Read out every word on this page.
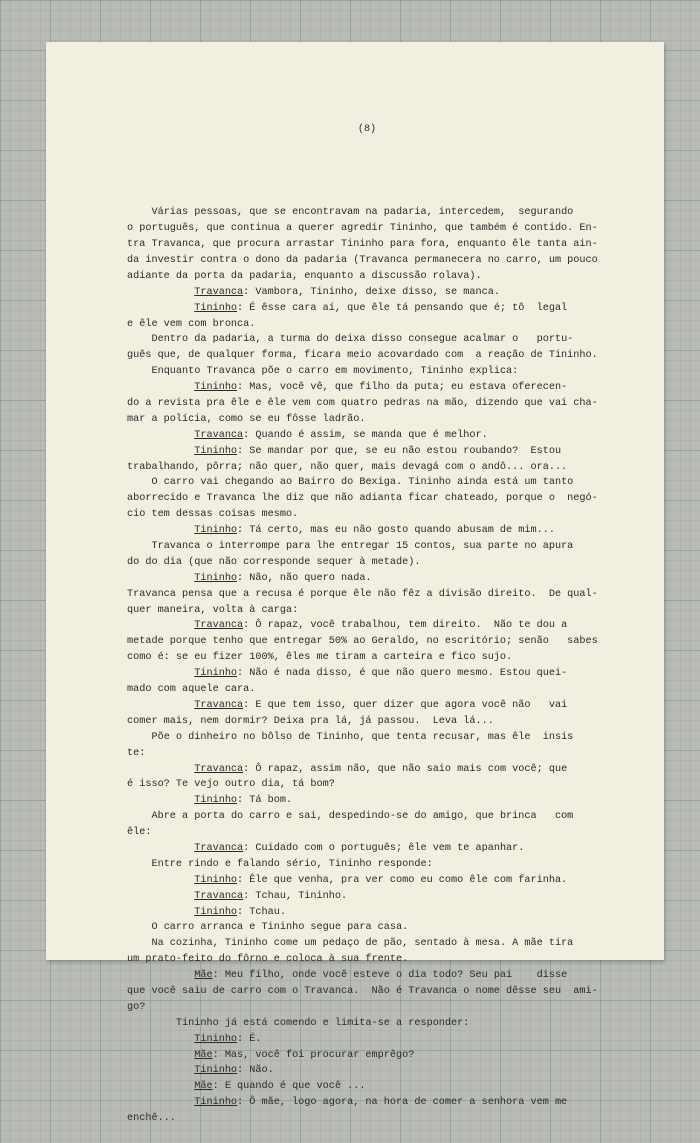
(8)

Várias pessoas, que se encontravam na padaria, intercedem,  segurando
o português, que continua a querer agredir Tininho, que também é contido. En-
tra Travanca, que procura arrastar Tininho para fora, enquanto êle tanta ain-
da investir contra o dono da padaria (Travanca permanecera no carro, um pouco
adiante da porta da padaria, enquanto a discussão rolava).
Travanca: Vambora, Tininho, deixe disso, se manca.
Tininho: É êsse cara aí, que êle tá pensando que é; tô  legal
e êle vem com bronca.
Dentro da padaria, a turma do deixa disso consegue acalmar o   portu-
guês que, de qualquer forma, ficara meio acovardado com  a reação de Tininho.
Enquanto Travanca põe o carro em movimento, Tininho explica:
Tininho: Mas, você vê, que filho da puta; eu estava oferecen-
do a revista pra êle e êle vem com quatro pedras na mão, dizendo que vai cha-
mar a polícia, como se eu fôsse ladrão.
Travanca: Quando é assim, se manda que é melhor.
Tininho: Se mandar por que, se eu não estou roubando?  Estou
trabalhando, pôrra; não quer, não quer, mais devagá com o andô... ora...
O carro vai chegando ao Bairro do Bexiga. Tininho ainda está um tanto
aborrecido e Travanca lhe diz que não adianta ficar chateado, porque o  negó-
cio tem dessas coisas mesmo.
Tininho: Tá certo, mas eu não gosto quando abusam de mim...
Travanca o interrompe para lhe entregar 15 contos, sua parte no apura
do do dia (que não corresponde sequer à metade).
Tininho: Não, não quero nada.
Travanca pensa que a recusa é porque êle não fêz a divisão direito.  De qual-
quer maneira, volta à carga:
Travanca: Ô rapaz, você trabalhou, tem direito.  Não te dou a
metade porque tenho que entregar 50% ao Geraldo, no escritório; senão   sabes
como é: se eu fizer 100%, êles me tiram a carteira e fico sujo.
Tininho: Não é nada disso, é que não quero mesmo. Estou quei-
mado com aquele cara.
Travanca: E que tem isso, quer dizer que agora você não   vai
comer mais, nem dormir? Deixa pra lá, já passou.  Leva lá...
Põe o dinheiro no bôlso de Tininho, que tenta recusar, mas êle  insis
te:
Travanca: Ô rapaz, assim não, que não saio mais com você; que
é isso? Te vejo outro dia, tá bom?
Tininho: Tá bom.
Abre a porta do carro e sai, despedindo-se do amigo, que brinca   com
êle:
Travanca: Cuidado com o português; êle vem te apanhar.
Entre rindo e falando sério, Tininho responde:
Tininho: Êle que venha, pra ver como eu como êle com farinha.
Travanca: Tchau, Tininho.
Tininho: Tchau.
O carro arranca e Tininho segue para casa.
Na cozinha, Tininho come um pedaço de pão, sentado à mesa. A mãe tira
um prato-feito do fôrno e coloca à sua frente.
Mãe: Meu filho, onde você esteve o dia todo? Seu pai    disse
que você saiu de carro com o Travanca.  Não é Travanca o nome dêsse seu  ami-
go?
Tininho já está comendo e limita-se a responder:
Tininho: É.
Mãe: Mas, você foi procurar emprêgo?
Tininho: Não.
Mãe: E quando é que você ...
Tininho: Ô mãe, logo agora, na hora de comer a senhora vem me
enchê...
